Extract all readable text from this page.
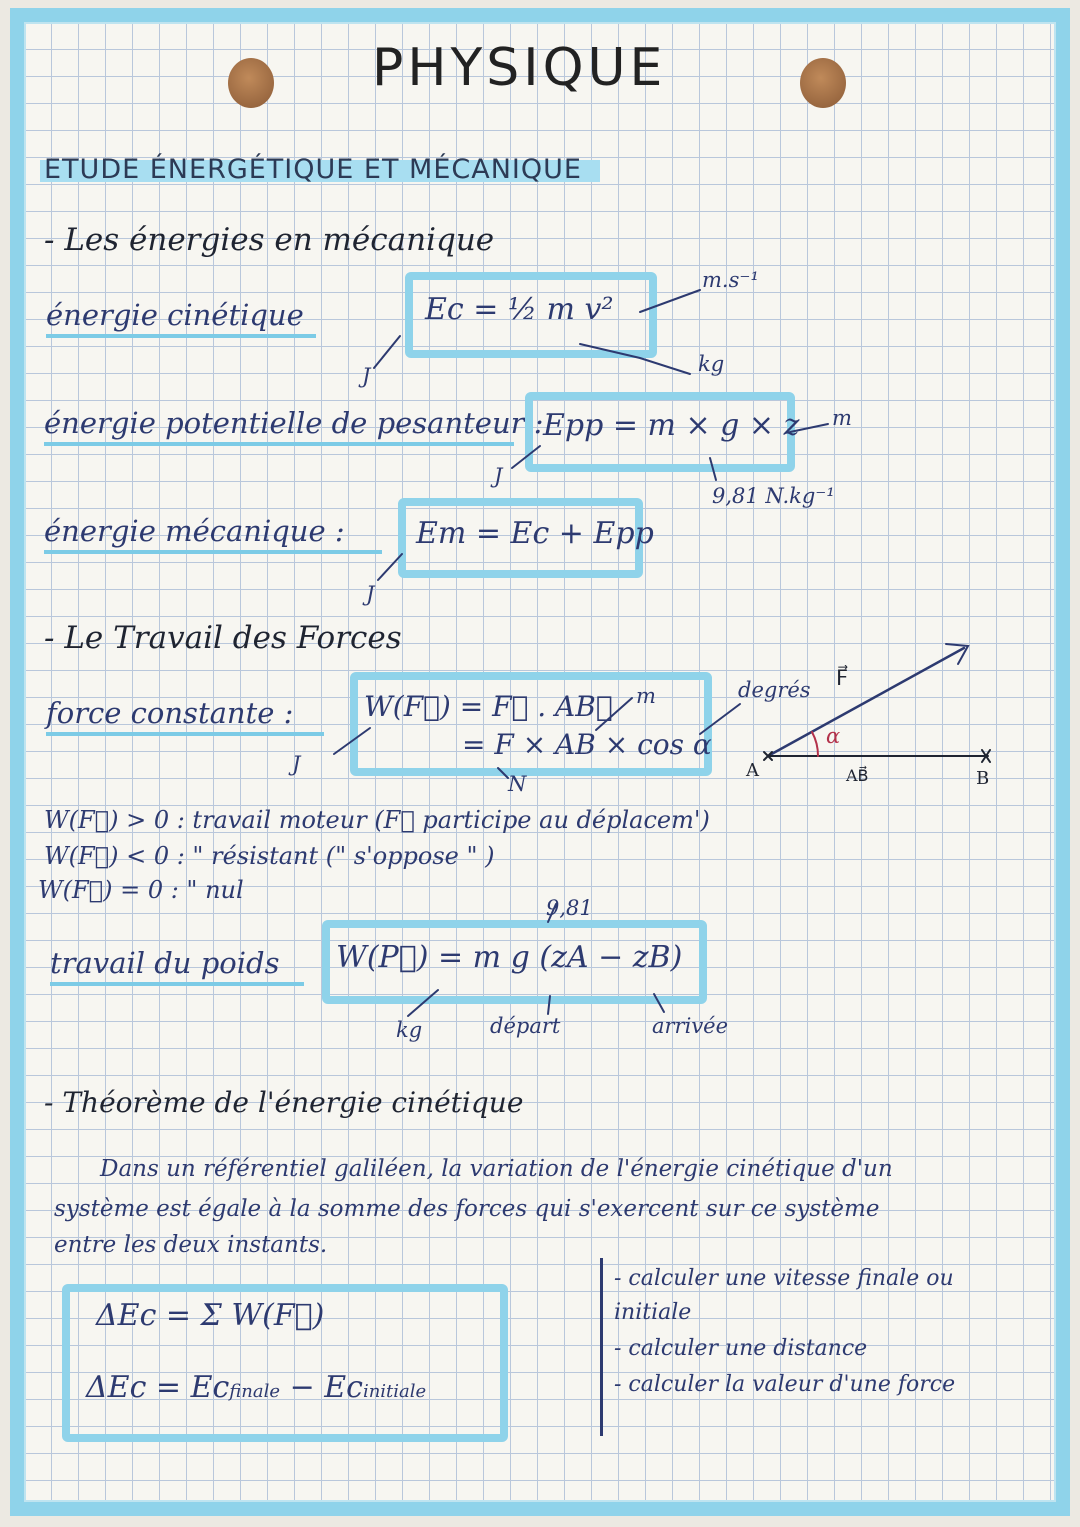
PHYSIQUE
ETUDE ÉNERGÉTIQUE ET MÉCANIQUE
- Les énergies en mécanique
énergie cinétique	Ec = ½ m v²
m.s⁻¹
kg
J
énergie potentielle de pesanteur : Epp = m × g × z m
9,81 N.kg⁻¹
J
énergie mécanique :	Em = Ec + Epp
J
- Le Travail des Forces
force constante :	W(F⃗) = F⃗ . AB⃗
= F × AB × cos α
m	degrés
J
N
F⃗
α
A	B
AB⃗
W(F⃗) > 0 : travail moteur (F⃗ participe au déplacem')
W(F⃗) < 0 : " résistant (" s'oppose " )
W(F⃗) = 0 : " nul
travail du poids	W(P⃗) = m g (zA − zB)
9,81
kg	départ	arrivée
- Théorème de l'énergie cinétique
Dans un référentiel galiléen, la variation de l'énergie cinétique d'un
système est égale à la somme des forces qui s'exercent sur ce système
entre les deux instants.
ΔEc = Σ W(F⃗)
ΔEc = Ecfinale − Ecinitiale
- calculer une vitesse finale ou
initiale
- calculer une distance
- calculer la valeur d'une force
